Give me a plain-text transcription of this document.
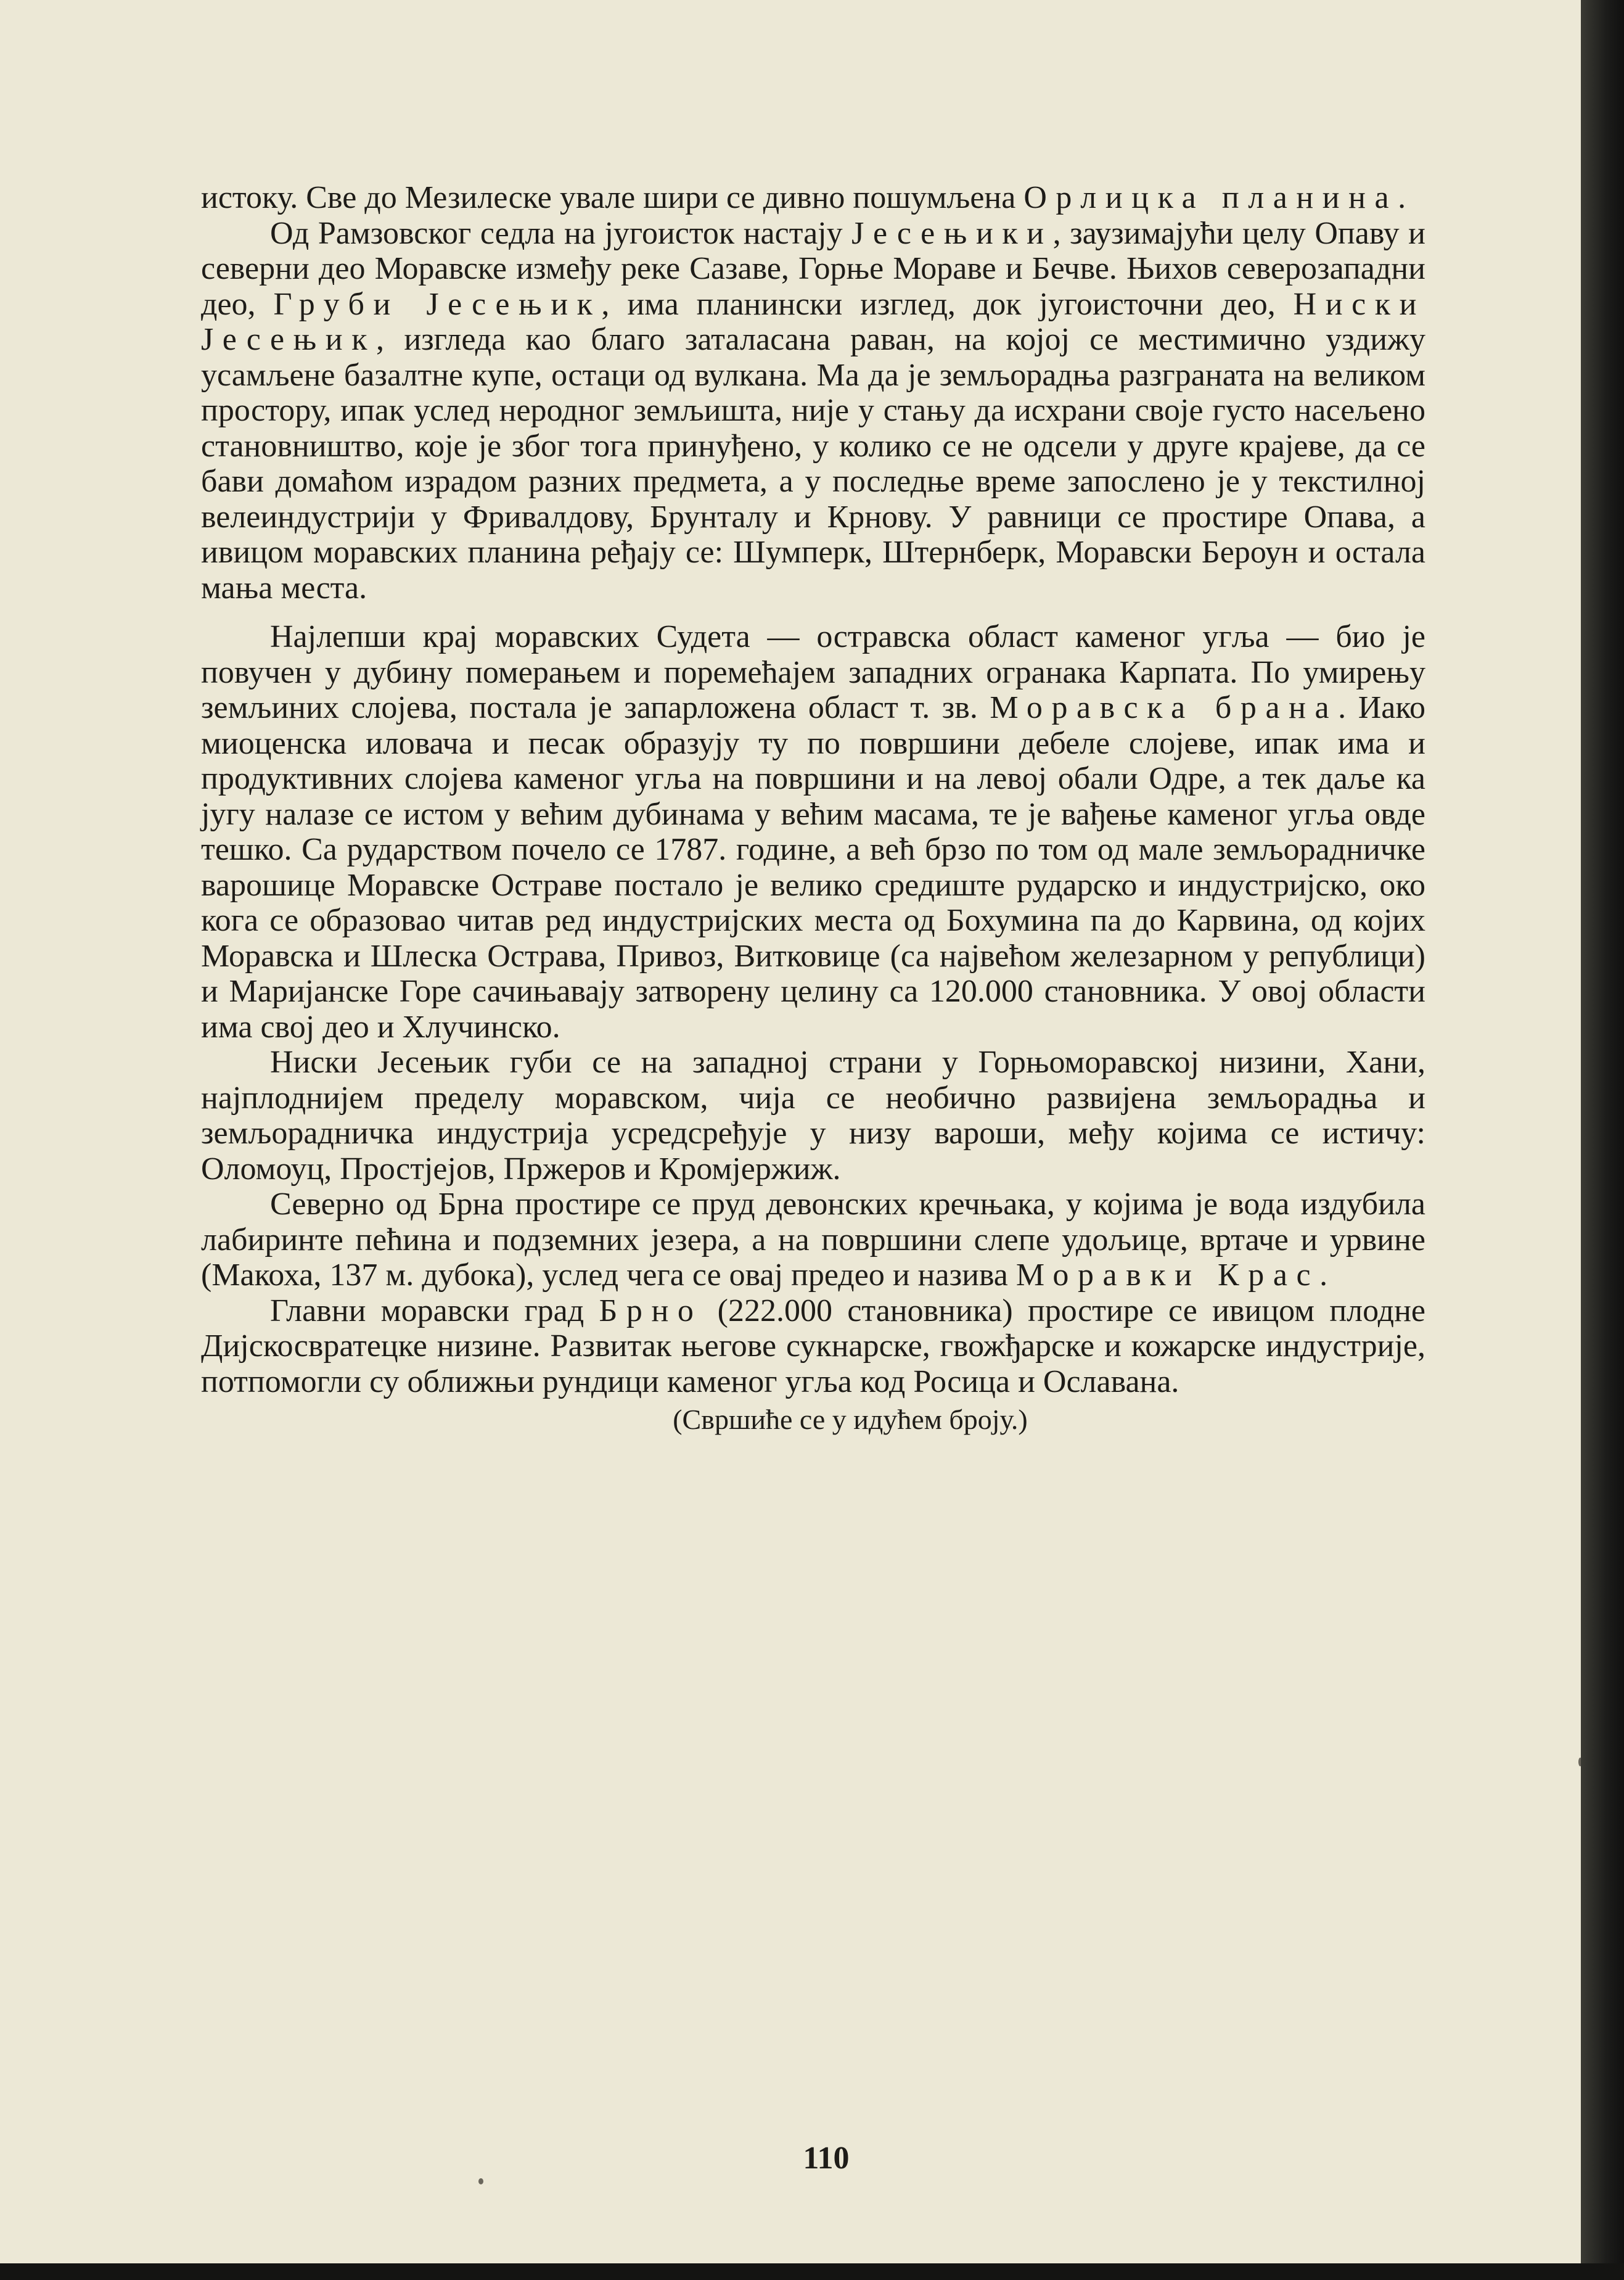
истоку. Све до Мезилеске увале шири се дивно пошумљена Орлицка планина.

Од Рамзовског седла на југоисток настају Јесењики, заузимајући целу Опаву и северни део Моравске између реке Сазаве, Горње Мораве и Бечве. Њихов северозападни део, Груби Јесењик, има планински изглед, док југоисточни део, Ниски Јесењик, изгледа као благо заталасана раван, на којој се местимично уздижу усамљене базалтне купе, остаци од вулкана. Ма да је земљорадња разграната на великом простору, ипак услед неродног земљишта, није у стању да исхрани своје густо насељено становништво, које је због тога принуђено, у колико се не одсели у друге крајеве, да се бави домаћом израдом разних предмета, а у последње време запослено је у текстилној велеиндустрији у Фривалдову, Брунталу и Крнову. У равници се простире Опава, а ивицом моравских планина ређају се: Шумперк, Штернберк, Моравски Бероун и остала мања места.

Најлепши крај моравских Судета — остравска област каменог угља — био је повучен у дубину померањем и поремећајем западних огранака Карпата. По умирењу земљиних слојева, постала је запарложена област т. зв. Моравска брана. Иако миоценска иловача и песак образују ту по површини дебеле слојеве, ипак има и продуктивних слојева каменог угља на површини и на левој обали Одре, а тек даље ка југу налазе се истом у већим дубинама у већим масама, те је вађење каменог угља овде тешко. Са рударством почело се 1787. године, а већ брзо по том од мале земљорадничке варошице Моравске Остраве постало је велико средиште рударско и индустријско, око кога се образовао читав ред индустријских места од Бохумина па до Карвина, од којих Моравска и Шлеска Острава, Привоз, Витковице (са највећом железарном у републици) и Маријанске Горе сачињавају затворену целину са 120.000 становника. У овој области има свој део и Хлучинско.

Ниски Јесењик губи се на западној страни у Горњоморавској низини, Хани, најплоднијем пределу моравском, чија се необично развијена земљорадња и земљорадничка индустрија усредсређује у низу вароши, међу којима се истичу: Оломоуц, Простјејов, Пржеров и Кромјержиж.

Северно од Брна простире се пруд девонских кречњака, у којима је вода издубила лабиринте пећина и подземних језера, а на површини слепе удољице, вртаче и урвине (Макоха, 137 м. дубока), услед чега се овај предео и назива Моравки Крас.

Главни моравски град Брно (222.000 становника) простире се ивицом плодне Дијскосвратецке низине. Развитак његове сукнарске, гвожђарске и кожарске индустрије, потпомогли су оближњи рундици каменог угља код Росица и Ославана.

(Свршиће се у идућем броју.)

110
